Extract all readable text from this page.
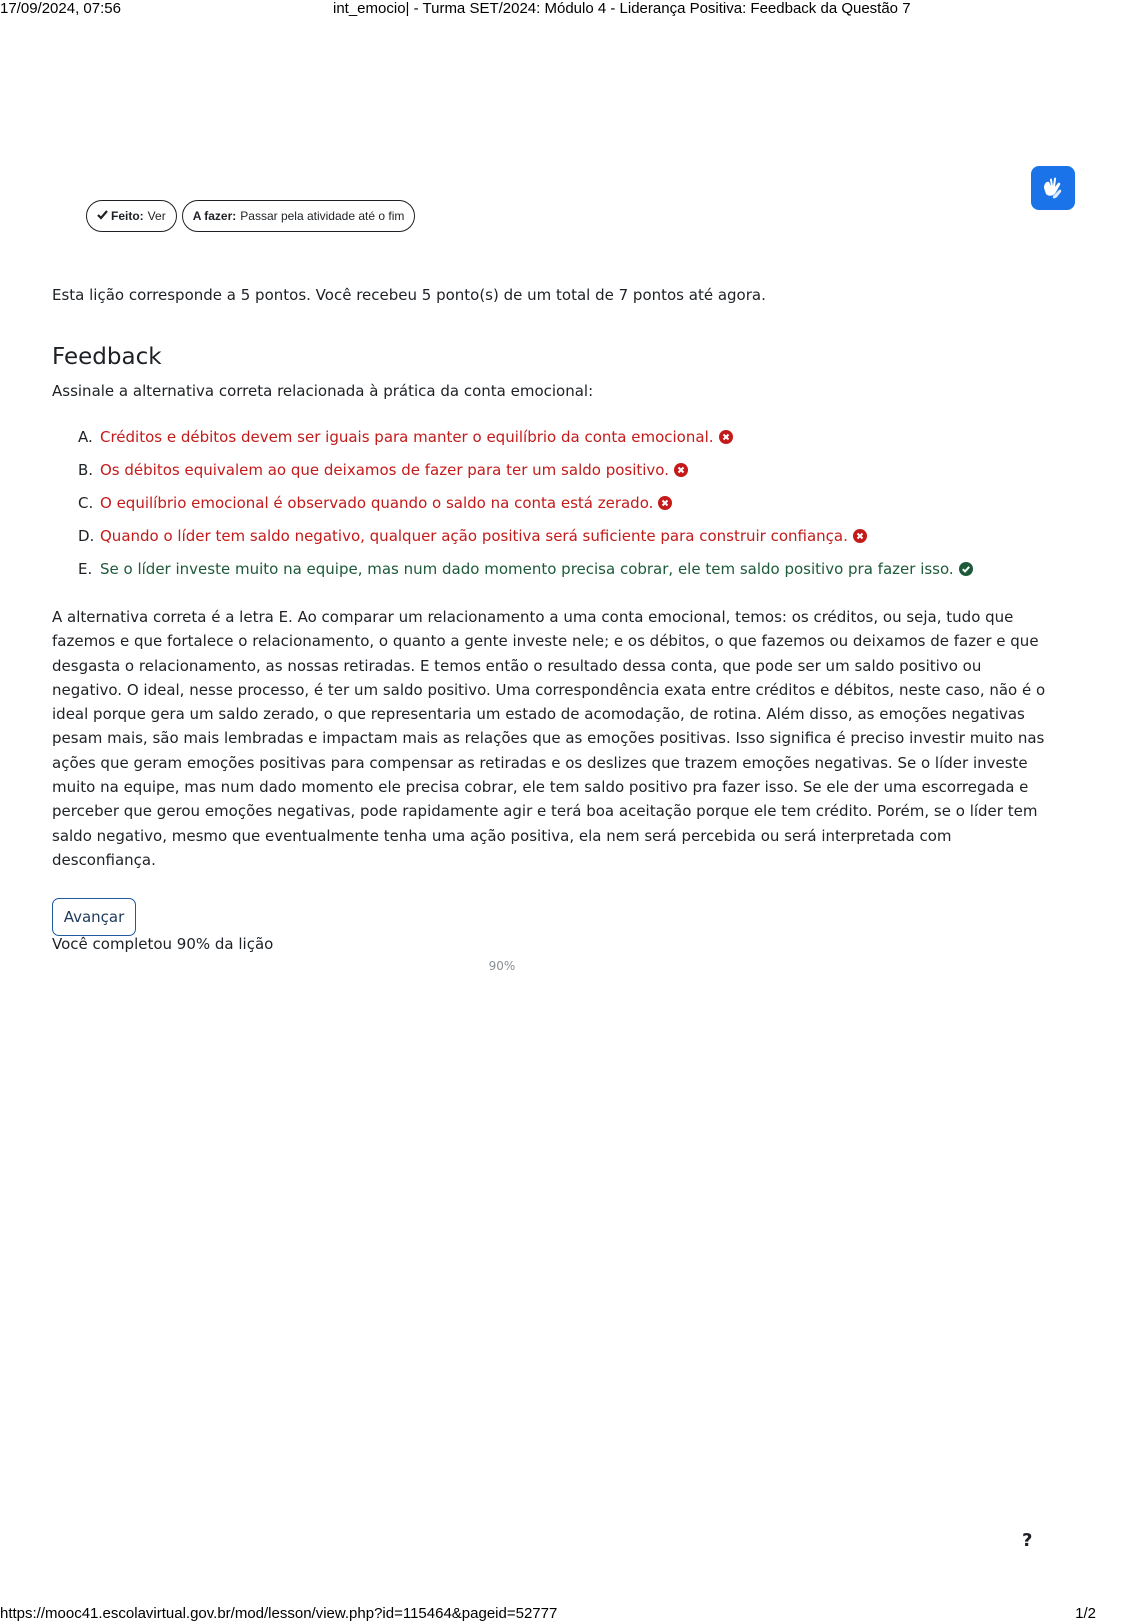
17/09/2024, 07:56	int_emocio| - Turma SET/2024: Módulo 4 - Liderança Positiva: Feedback da Questão 7
Feito: Ver A fazer: Passar pela atividade até o fim
Esta lição corresponde a 5 pontos. Você recebeu 5 ponto(s) de um total de 7 pontos até agora.
Feedback
Assinale a alternativa correta relacionada à prática da conta emocional:
A. Créditos e débitos devem ser iguais para manter o equilíbrio da conta emocional.
B. Os débitos equivalem ao que deixamos de fazer para ter um saldo positivo.
C. O equilíbrio emocional é observado quando o saldo na conta está zerado.
D. Quando o líder tem saldo negativo, qualquer ação positiva será suficiente para construir confiança.
E. Se o líder investe muito na equipe, mas num dado momento precisa cobrar, ele tem saldo positivo pra fazer isso.
A alternativa correta é a letra E. Ao comparar um relacionamento a uma conta emocional, temos: os créditos, ou seja, tudo que fazemos e que fortalece o relacionamento, o quanto a gente investe nele; e os débitos, o que fazemos ou deixamos de fazer e que desgasta o relacionamento, as nossas retiradas. E temos então o resultado dessa conta, que pode ser um saldo positivo ou negativo. O ideal, nesse processo, é ter um saldo positivo. Uma correspondência exata entre créditos e débitos, neste caso, não é o ideal porque gera um saldo zerado, o que representaria um estado de acomodação, de rotina. Além disso, as emoções negativas pesam mais, são mais lembradas e impactam mais as relações que as emoções positivas. Isso significa é preciso investir muito nas ações que geram emoções positivas para compensar as retiradas e os deslizes que trazem emoções negativas. Se o líder investe muito na equipe, mas num dado momento ele precisa cobrar, ele tem saldo positivo pra fazer isso. Se ele der uma escorregada e perceber que gerou emoções negativas, pode rapidamente agir e terá boa aceitação porque ele tem crédito. Porém, se o líder tem saldo negativo, mesmo que eventualmente tenha uma ação positiva, ela nem será percebida ou será interpretada com desconfiança.
Avançar
Você completou 90% da lição
90%
?
https://mooc41.escolavirtual.gov.br/mod/lesson/view.php?id=115464&pageid=52777	1/2
